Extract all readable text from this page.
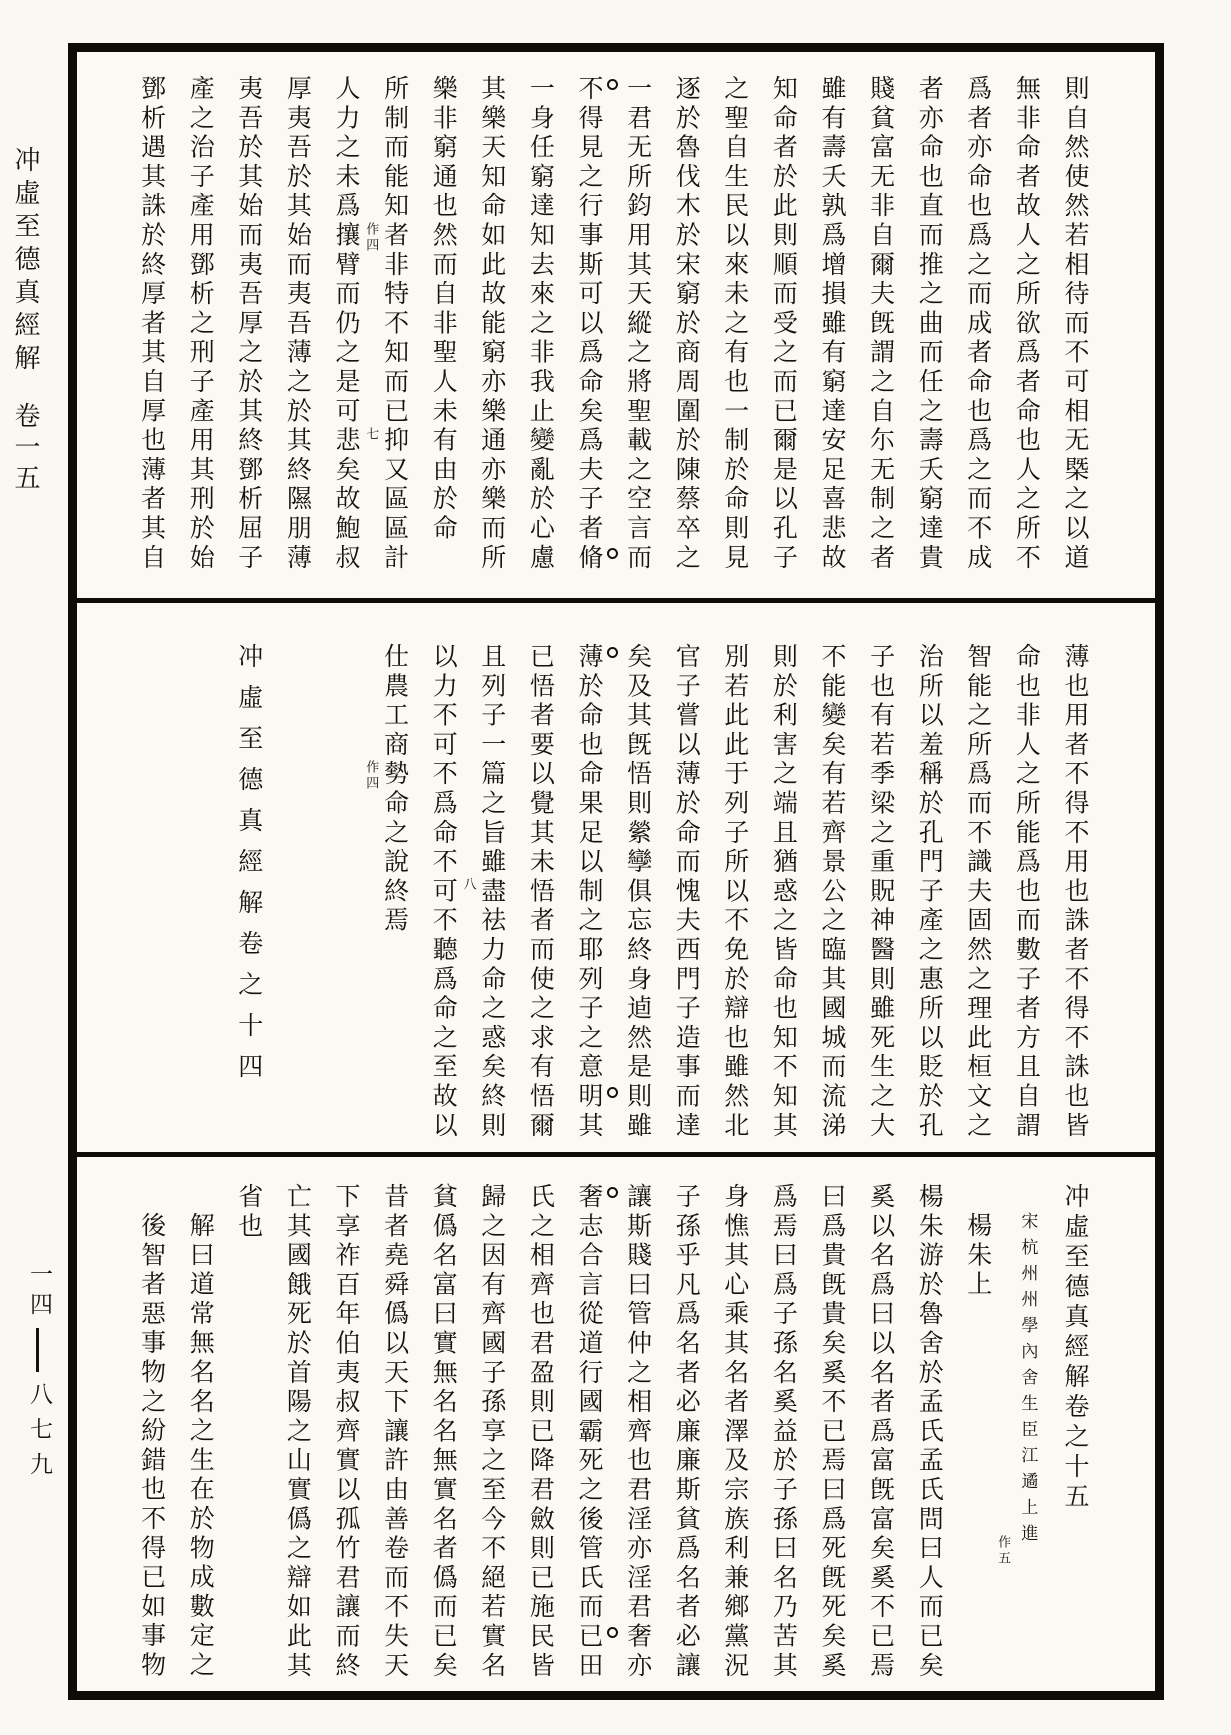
冲虛至德真經解
卷一五
一四
八七九
則自然使然若相待而不可相无槩之以道
無非命者故人之所欲爲者命也人之所不
爲者亦命也爲之而成者命也爲之而不成
者亦命也直而推之曲而任之壽夭窮達貴
賤貧富无非自爾夫旣謂之自尓无制之者
雖有壽夭孰爲增損雖有窮達安足喜悲故
知命者於此則順而受之而已爾是以孔子
之聖自生民以來未之有也一制於命則見
逐於魯伐木於宋窮於商周圍於陳蔡卒之
一君无所鈞用其天縱之將聖載之空言而
不得見之行事斯可以爲命矣爲夫子者脩
一身任窮達知去來之非我止變亂於心慮
其樂天知命如此故能窮亦樂通亦樂而所
樂非窮通也然而自非聖人未有由於命
所制而能知者非特不知而已抑又區區計
人力之未爲攘臂而仍之是可悲矣故鮑叔
厚夷吾於其始而夷吾薄之於其終隰朋薄
夷吾於其始而夷吾厚之於其終鄧析屈子
產之治子產用鄧析之刑子產用其刑於始
鄧析遇其誅於終厚者其自厚也薄者其自	作四
七
薄也用者不得不用也誅者不得不誅也皆
命也非人之所能爲也而數子者方且自謂
智能之所爲而不識夫固然之理此桓文之
治所以羞稱於孔門子產之惠所以貶於孔
子也有若季梁之重貺神醫則雖死生之大
不能變矣有若齊景公之臨其國城而流涕
則於利害之端且猶惑之皆命也知不知其
別若此此于列子所以不免於辯也雖然北
官子嘗以薄於命而愧夫西門子造事而達
矣及其旣悟則縈孿俱忘終身逌然是則雖
薄於命也命果足以制之耶列子之意明其
已悟者要以覺其未悟者而使之求有悟爾
且列子一篇之旨雖盡祛力命之惑矣終則
以力不可不爲命不可不聽爲命之至故以
仕農工商勢命之說終焉
冲虛至德真經解卷之十四	作四
八
冲虛至德真經解卷之十五
宋杭州州學內舍生臣江遹上進
楊朱上
楊朱游於魯舍於孟氏孟氏問曰人而已矣
奚以名爲曰以名者爲富旣富矣奚不已焉
曰爲貴旣貴矣奚不已焉曰爲死旣死矣奚
爲焉曰爲子孫名奚益於子孫曰名乃苦其
身憔其心乘其名者澤及宗族利兼鄉黨況
子孫乎凡爲名者必廉廉斯貧爲名者必讓
讓斯賤曰管仲之相齊也君淫亦淫君奢亦
奢志合言從道行國霸死之後管氏而已田
氏之相齊也君盈則已降君斂則已施民皆
歸之因有齊國子孫享之至今不絕若實名
貧僞名富曰實無名名無實名者僞而已矣
昔者堯舜僞以天下讓許由善卷而不失天
下享祚百年伯夷叔齊實以孤竹君讓而終
亡其國餓死於首陽之山實僞之辯如此其
省也
解曰道常無名名之生在於物成數定之
後智者惡事物之紛錯也不得已如事物	作五
